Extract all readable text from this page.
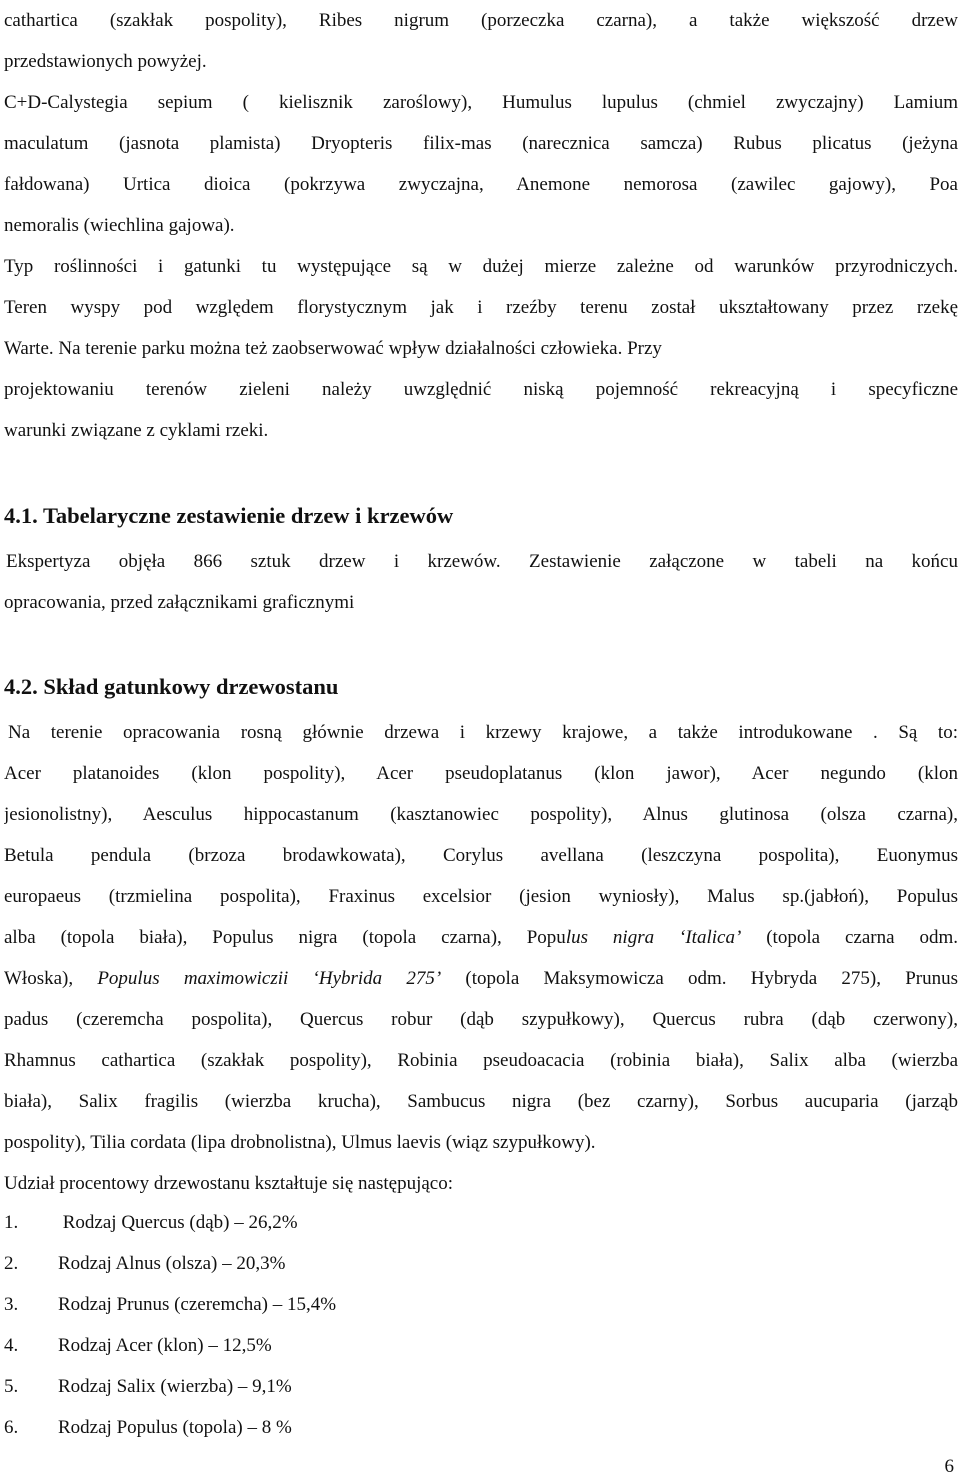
cathartica (szakłak pospolity), Ribes nigrum (porzeczka czarna), a także większość drzew
przedstawionych powyżej.
C+D-Calystegia sepium ( kielisznik zaroślowy), Humulus lupulus (chmiel zwyczajny) Lamium
maculatum (jasnota plamista) Dryopteris filix-mas (narecznica samcza) Rubus plicatus (jeżyna
fałdowana) Urtica dioica (pokrzywa zwyczajna, Anemone nemorosa (zawilec gajowy), Poa
nemoralis (wiechlina gajowa).
Typ roślinności i gatunki tu występujące są w dużej mierze zależne od warunków przyrodniczych.
Teren wyspy pod względem florystycznym jak i rzeźby terenu został ukształtowany przez rzekę
Warte. Na terenie parku można też zaobserwować wpływ działalności człowieka. Przy
projektowaniu terenów zieleni należy uwzględnić niską pojemność rekreacyjną i specyficzne
warunki związane z cyklami rzeki.
4.1. Tabelaryczne zestawienie drzew i krzewów
Ekspertyza objęła 866 sztuk drzew i krzewów. Zestawienie załączone w tabeli na końcu
opracowania, przed załącznikami graficznymi
4.2. Skład gatunkowy drzewostanu
Na terenie opracowania rosną głównie drzewa i krzewy krajowe, a także introdukowane . Są to:
Acer platanoides (klon pospolity), Acer pseudoplatanus (klon jawor), Acer negundo (klon
jesionolistny), Aesculus hippocastanum (kasztanowiec pospolity), Alnus glutinosa (olsza czarna),
Betula pendula (brzoza brodawkowata), Corylus avellana (leszczyna pospolita), Euonymus
europaeus (trzmielina pospolita), Fraxinus excelsior (jesion wyniosły), Malus sp.(jabłoń), Populus
alba (topola biała), Populus nigra (topola czarna), Populus nigra ‘Italica’ (topola czarna odm.
Włoska), Populus maximowiczii ‘Hybrida 275’ (topola Maksymowicza odm. Hybryda 275), Prunus
padus (czeremcha pospolita), Quercus robur (dąb szypułkowy), Quercus rubra (dąb czerwony),
Rhamnus cathartica (szakłak pospolity), Robinia pseudoacacia (robinia biała), Salix alba (wierzba
biała), Salix fragilis (wierzba krucha), Sambucus nigra (bez czarny), Sorbus aucuparia (jarząb
pospolity), Tilia cordata (lipa drobnolistna), Ulmus laevis (wiąz szypułkowy).
Udział procentowy drzewostanu kształtuje się następująco:
1. Rodzaj Quercus (dąb) – 26,2%
2. Rodzaj Alnus (olsza) – 20,3%
3. Rodzaj Prunus (czeremcha) – 15,4%
4. Rodzaj Acer (klon) – 12,5%
5. Rodzaj Salix (wierzba) – 9,1%
6. Rodzaj Populus (topola) – 8 %
6
